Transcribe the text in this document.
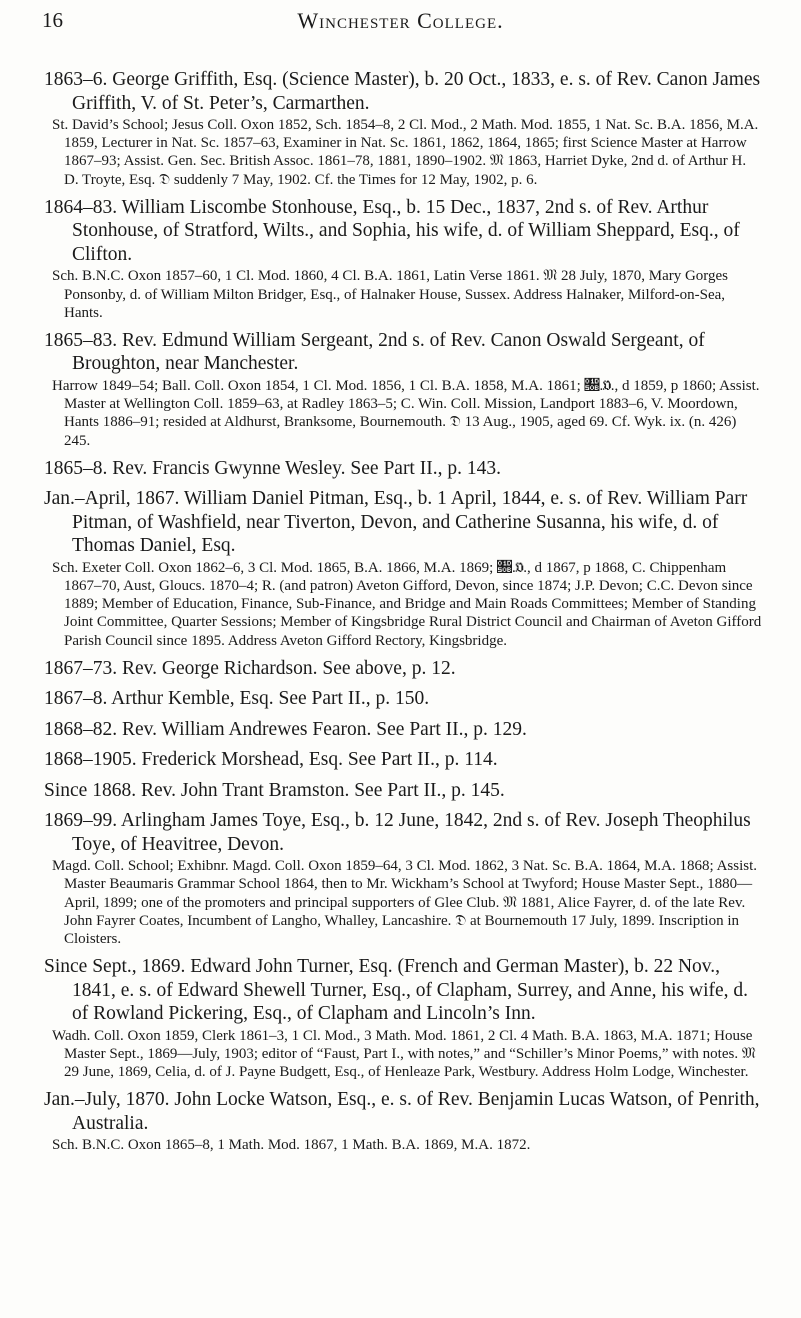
16	Winchester College.
1863–6. George Griffith, Esq. (Science Master), b. 20 Oct., 1833, e. s. of Rev. Canon James Griffith, V. of St. Peter’s, Carmarthen.
St. David’s School; Jesus Coll. Oxon 1852, Sch. 1854–8, 2 Cl. Mod., 2 Math. Mod. 1855, 1 Nat. Sc. B.A. 1856, M.A. 1859, Lecturer in Nat. Sc. 1857–63, Examiner in Nat. Sc. 1861, 1862, 1864, 1865; first Science Master at Harrow 1867–93; Assist. Gen. Sec. British Assoc. 1861–78, 1881, 1890–1902. 𝔐 1863, Harriet Dyke, 2nd d. of Arthur H. D. Troyte, Esq. 𝔇 suddenly 7 May, 1902. Cf. the Times for 12 May, 1902, p. 6.
1864–83. William Liscombe Stonhouse, Esq., b. 15 Dec., 1837, 2nd s. of Rev. Arthur Stonhouse, of Stratford, Wilts., and Sophia, his wife, d. of William Sheppard, Esq., of Clifton.
Sch. B.N.C. Oxon 1857–60, 1 Cl. Mod. 1860, 4 Cl. B.A. 1861, Latin Verse 1861. 𝔐 28 July, 1870, Mary Gorges Ponsonby, d. of William Milton Bridger, Esq., of Halnaker House, Sussex. Address Halnaker, Milford-on-Sea, Hants.
1865–83. Rev. Edmund William Sergeant, 2nd s. of Rev. Canon Oswald Sergeant, of Broughton, near Manchester.
Harrow 1849–54; Ball. Coll. Oxon 1854, 1 Cl. Mod. 1856, 1 Cl. B.A. 1858, M.A. 1861; 𝔋.𝔒., d 1859, p 1860; Assist. Master at Wellington Coll. 1859–63, at Radley 1863–5; C. Win. Coll. Mission, Landport 1883–6, V. Moordown, Hants 1886–91; resided at Aldhurst, Branksome, Bournemouth. 𝔇 13 Aug., 1905, aged 69. Cf. Wyk. ix. (n. 426) 245.
1865–8. Rev. Francis Gwynne Wesley. See Part II., p. 143.
Jan.–April, 1867. William Daniel Pitman, Esq., b. 1 April, 1844, e. s. of Rev. William Parr Pitman, of Washfield, near Tiverton, Devon, and Catherine Susanna, his wife, d. of Thomas Daniel, Esq.
Sch. Exeter Coll. Oxon 1862–6, 3 Cl. Mod. 1865, B.A. 1866, M.A. 1869; 𝔋.𝔒., d 1867, p 1868, C. Chippenham 1867–70, Aust, Gloucs. 1870–4; R. (and patron) Aveton Gifford, Devon, since 1874; J.P. Devon; C.C. Devon since 1889; Member of Education, Finance, Sub-Finance, and Bridge and Main Roads Committees; Member of Standing Joint Committee, Quarter Sessions; Member of Kingsbridge Rural District Council and Chairman of Aveton Gifford Parish Council since 1895. Address Aveton Gifford Rectory, Kingsbridge.
1867–73. Rev. George Richardson. See above, p. 12.
1867–8. Arthur Kemble, Esq. See Part II., p. 150.
1868–82. Rev. William Andrewes Fearon. See Part II., p. 129.
1868–1905. Frederick Morshead, Esq. See Part II., p. 114.
Since 1868. Rev. John Trant Bramston. See Part II., p. 145.
1869–99. Arlingham James Toye, Esq., b. 12 June, 1842, 2nd s. of Rev. Joseph Theophilus Toye, of Heavitree, Devon.
Magd. Coll. School; Exhibnr. Magd. Coll. Oxon 1859–64, 3 Cl. Mod. 1862, 3 Nat. Sc. B.A. 1864, M.A. 1868; Assist. Master Beaumaris Grammar School 1864, then to Mr. Wickham’s School at Twyford; House Master Sept., 1880—April, 1899; one of the promoters and principal supporters of Glee Club. 𝔐 1881, Alice Fayrer, d. of the late Rev. John Fayrer Coates, Incumbent of Langho, Whalley, Lancashire. 𝔇 at Bournemouth 17 July, 1899. Inscription in Cloisters.
Since Sept., 1869. Edward John Turner, Esq. (French and German Master), b. 22 Nov., 1841, e. s. of Edward Shewell Turner, Esq., of Clapham, Surrey, and Anne, his wife, d. of Rowland Pickering, Esq., of Clapham and Lincoln’s Inn.
Wadh. Coll. Oxon 1859, Clerk 1861–3, 1 Cl. Mod., 3 Math. Mod. 1861, 2 Cl. 4 Math. B.A. 1863, M.A. 1871; House Master Sept., 1869—July, 1903; editor of “Faust, Part I., with notes,” and “Schiller’s Minor Poems,” with notes. 𝔐 29 June, 1869, Celia, d. of J. Payne Budgett, Esq., of Henleaze Park, Westbury. Address Holm Lodge, Winchester.
Jan.–July, 1870. John Locke Watson, Esq., e. s. of Rev. Benjamin Lucas Watson, of Penrith, Australia.
Sch. B.N.C. Oxon 1865–8, 1 Math. Mod. 1867, 1 Math. B.A. 1869, M.A. 1872.
